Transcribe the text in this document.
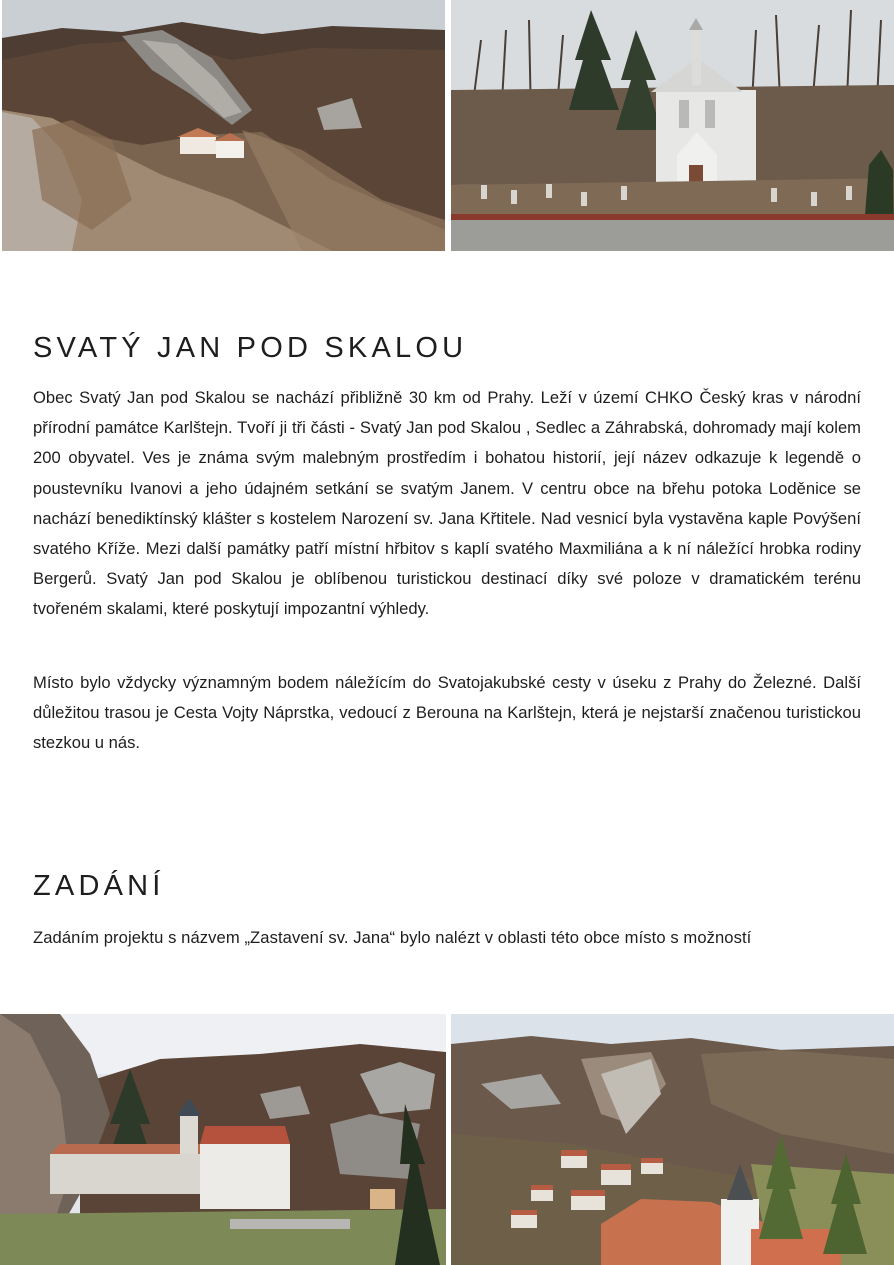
SVATÝ JAN POD SKALOU

Obec Svatý Jan pod Skalou se nachází přibližně 30 km od Prahy. Leží v území CHKO Český kras v národní přírodní památce Karlštejn. Tvoří ji tři části - Svatý Jan pod Skalou , Sedlec a Záhrabská, dohromady mají kolem 200 obyvatel. Ves je známa svým malebným prostředím i bohatou historií, její název odkazuje k legendě o poustevníku Ivanovi a jeho údajném setkání se svatým Janem. V centru obce na břehu potoka Loděnice se nachází benediktínský klášter s kostelem Narození sv. Jana Křtitele. Nad vesnicí byla vystavěna kaple Povýšení svatého Kříže. Mezi další památky patří místní hřbitov s kaplí svatého Maxmiliána a k ní náležící hrobka rodiny Bergerů. Svatý Jan pod Skalou je oblíbenou turistickou destinací díky své poloze v dramatickém terénu tvořeném skalami, které poskytují impozantní výhledy.

Místo bylo vždycky významným bodem náležícím do Svatojakubské cesty v úseku z Prahy do Železné. Další důležitou trasou je Cesta Vojty Náprstka, vedoucí z Berouna na Karlštejn, která je nejstarší značenou turistickou stezkou u nás.

ZADÁNÍ

Zadáním projektu s názvem „Zastavení sv. Jana“ bylo nalézt v oblasti této obce místo s možností
